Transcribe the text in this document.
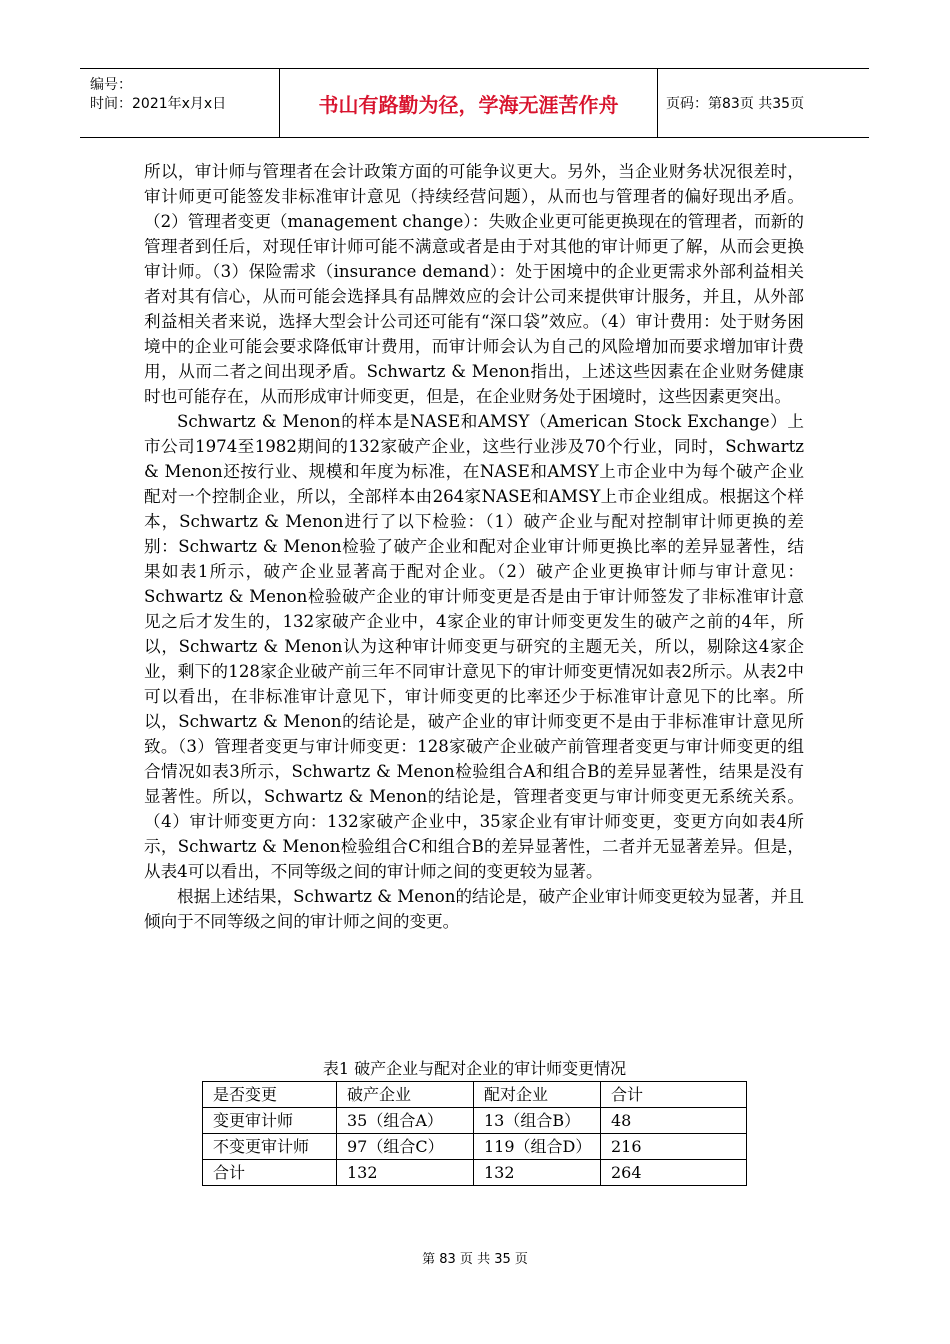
编号：
时间：2021年x月x日	书山有路勤为径，学海无涯苦作舟	页码：第83页 共35页

所以，审计师与管理者在会计政策方面的可能争议更大。另外，当企业财务状况很差时，审计师更可能签发非标准审计意见（持续经营问题），从而也与管理者的偏好现出矛盾。（2）管理者变更（management change）：失败企业更可能更换现在的管理者，而新的管理者到任后，对现任审计师可能不满意或者是由于对其他的审计师更了解，从而会更换审计师。（3）保险需求（insurance demand）：处于困境中的企业更需求外部利益相关者对其有信心，从而可能会选择具有品牌效应的会计公司来提供审计服务，并且，从外部利益相关者来说，选择大型会计公司还可能有“深口袋”效应。（4）审计费用：处于财务困境中的企业可能会要求降低审计费用，而审计师会认为自己的风险增加而要求增加审计费用，从而二者之间出现矛盾。Schwartz & Menon指出，上述这些因素在企业财务健康时也可能存在，从而形成审计师变更，但是，在企业财务处于困境时，这些因素更突出。

Schwartz & Menon的样本是NASE和AMSY（American Stock Exchange）上市公司1974至1982期间的132家破产企业，这些行业涉及70个行业，同时，Schwartz & Menon还按行业、规模和年度为标准，在NASE和AMSY上市企业中为每个破产企业配对一个控制企业，所以，全部样本由264家NASE和AMSY上市企业组成。根据这个样本，Schwartz & Menon进行了以下检验：（1）破产企业与配对控制审计师更换的差别：Schwartz & Menon检验了破产企业和配对企业审计师更换比率的差异显著性，结果如表1所示，破产企业显著高于配对企业。（2）破产企业更换审计师与审计意见：Schwartz & Menon检验破产企业的审计师变更是否是由于审计师签发了非标准审计意见之后才发生的，132家破产企业中，4家企业的审计师变更发生的破产之前的4年，所以，Schwartz & Menon认为这种审计师变更与研究的主题无关，所以，剔除这4家企业，剩下的128家企业破产前三年不同审计意见下的审计师变更情况如表2所示。从表2中可以看出，在非标准审计意见下，审计师变更的比率还少于标准审计意见下的比率。所以，Schwartz & Menon的结论是，破产企业的审计师变更不是由于非标准审计意见所致。（3）管理者变更与审计师变更：128家破产企业破产前管理者变更与审计师变更的组合情况如表3所示，Schwartz & Menon检验组合A和组合B的差异显著性，结果是没有显著性。所以，Schwartz & Menon的结论是，管理者变更与审计师变更无系统关系。（4）审计师变更方向：132家破产企业中，35家企业有审计师变更，变更方向如表4所示，Schwartz & Menon检验组合C和组合B的差异显著性，二者并无显著差异。但是，从表4可以看出，不同等级之间的审计师之间的变更较为显著。

根据上述结果，Schwartz & Menon的结论是，破产企业审计师变更较为显著，并且倾向于不同等级之间的审计师之间的变更。

表1 破产企业与配对企业的审计师变更情况
是否变更	破产企业	配对企业	合计
变更审计师	35（组合A）	13（组合B）	48
不变更审计师	97（组合C）	119（组合D）	216
合计	132	132	264
第 83 页 共 35 页
